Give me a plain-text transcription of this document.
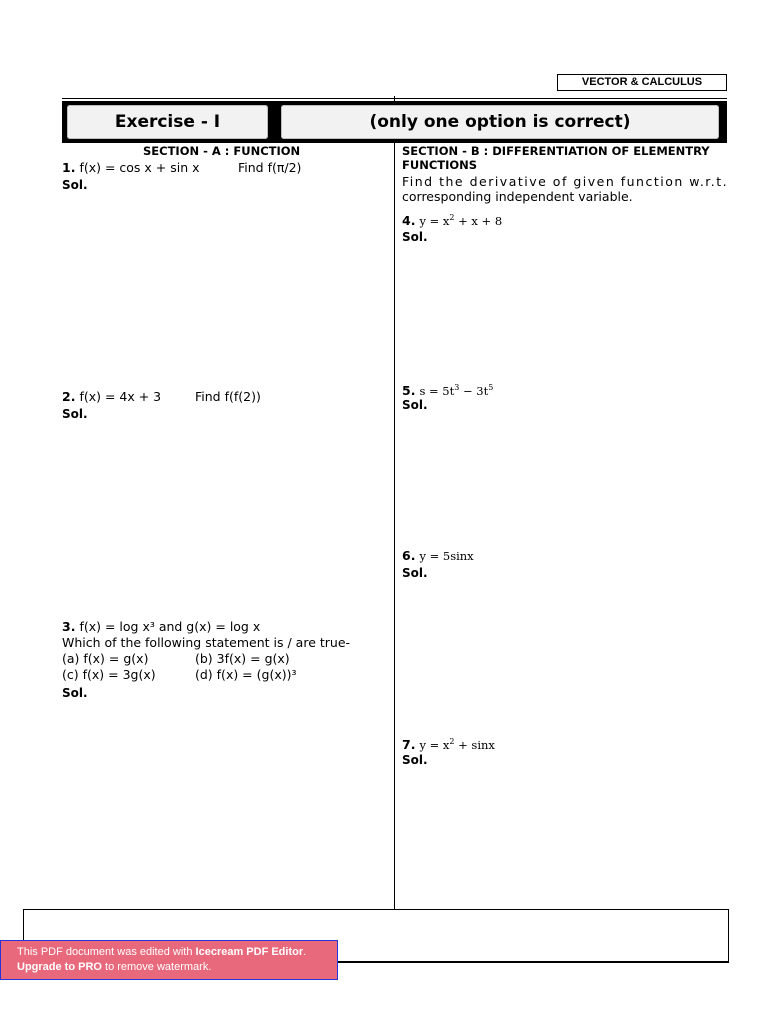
VECTOR & CALCULUS
Exercise - I	(only one option is correct)
SECTION - A : FUNCTION
1. f(x) = cos x + sin x	Find f(π/2)
Sol.
2. f(x) = 4x + 3	Find f(f(2))
Sol.
3. f(x) = log x³ and g(x) = log x
Which of the following statement is / are true-
(a) f(x) = g(x)	(b) 3f(x) = g(x)
(c) f(x) = 3g(x)	(d) f(x) = (g(x))³
Sol.
SECTION - B : DIFFERENTIATION OF ELEMENTRY
FUNCTIONS
Find the derivative of given function w.r.t.
corresponding independent variable.
4. $y = x^2 + x + 8$
Sol.
5. $s = 5t^3 - 3t^5$
Sol.
6. y = 5sinx
Sol.
7. $y = x^2 + \sin x$
Sol.
This PDF document was edited with Icecream PDF Editor.
Upgrade to PRO to remove watermark.
